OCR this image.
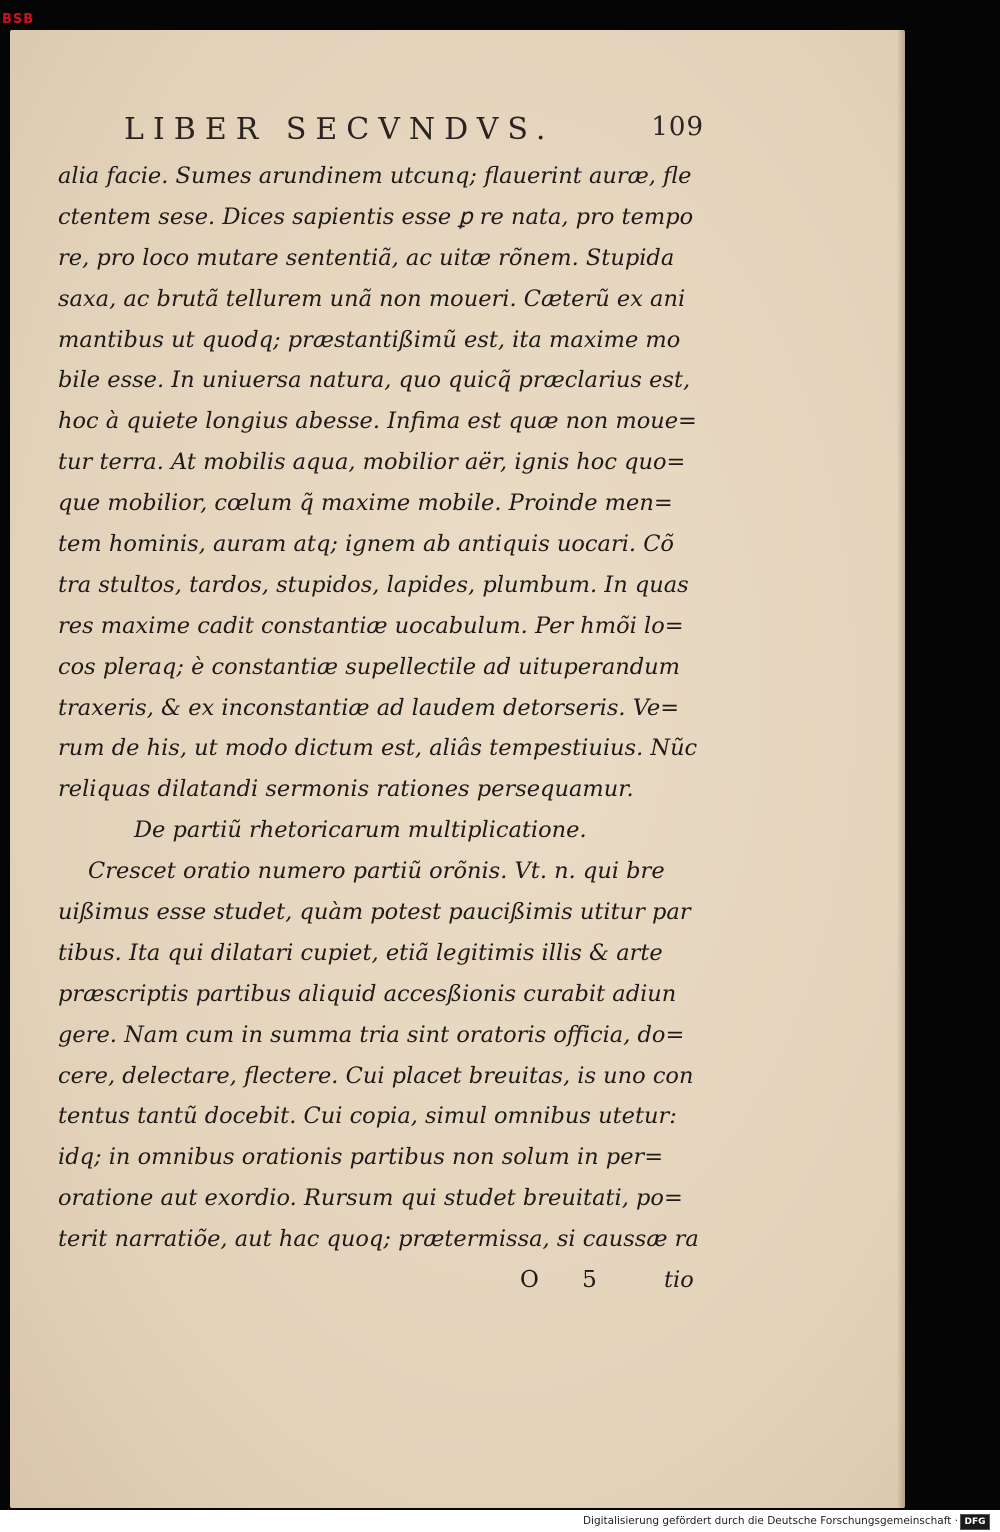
BSB
LIBER SECVNDVS.	109
alia facie. Sumes arundinem utcunq; flauerint auræ, fle
ctentem sese. Dices sapientis esse ꝑ re nata, pro tempo
re, pro loco mutare sententiã, ac uitæ rõnem. Stupida
saxa, ac brutã tellurem unã non moueri. Cæterũ ex ani
mantibus ut quodq; præstantißimũ est, ita maxime mo
bile esse. In uniuersa natura, quo quicq̃ præclarius est,
hoc à quiete longius abesse. Infima est quæ non moue=
tur terra. At mobilis aqua, mobilior aër, ignis hoc quo=
que mobilior, cœlum q̃ maxime mobile. Proinde men=
tem hominis, auram atq; ignem ab antiquis uocari. Cõ
tra stultos, tardos, stupidos, lapides, plumbum. In quas
res maxime cadit constantiæ uocabulum. Per hmõi lo=
cos pleraq; è constantiæ supellectile ad uituperandum
traxeris, & ex inconstantiæ ad laudem detorseris. Ve=
rum de his, ut modo dictum est, aliâs tempestiuius. Nũc
reliquas dilatandi sermonis rationes persequamur.
De partiũ rhetoricarum multiplicatione.
Crescet oratio numero partiũ orõnis. Vt. n. qui bre
uißimus esse studet, quàm potest paucißimis utitur par
tibus. Ita qui dilatari cupiet, etiã legitimis illis & arte
præscriptis partibus aliquid accesßionis curabit adiun
gere. Nam cum in summa tria sint oratoris officia, do=
cere, delectare, flectere. Cui placet breuitas, is uno con
tentus tantũ docebit. Cui copia, simul omnibus utetur:
idq; in omnibus orationis partibus non solum in per=
oratione aut exordio. Rursum qui studet breuitati, po=
terit narratiõe, aut hac quoq; prætermissa, si caussæ ra
O 5 tio
Digitalisierung gefördert durch die Deutsche Forschungsgemeinschaft · DFG
